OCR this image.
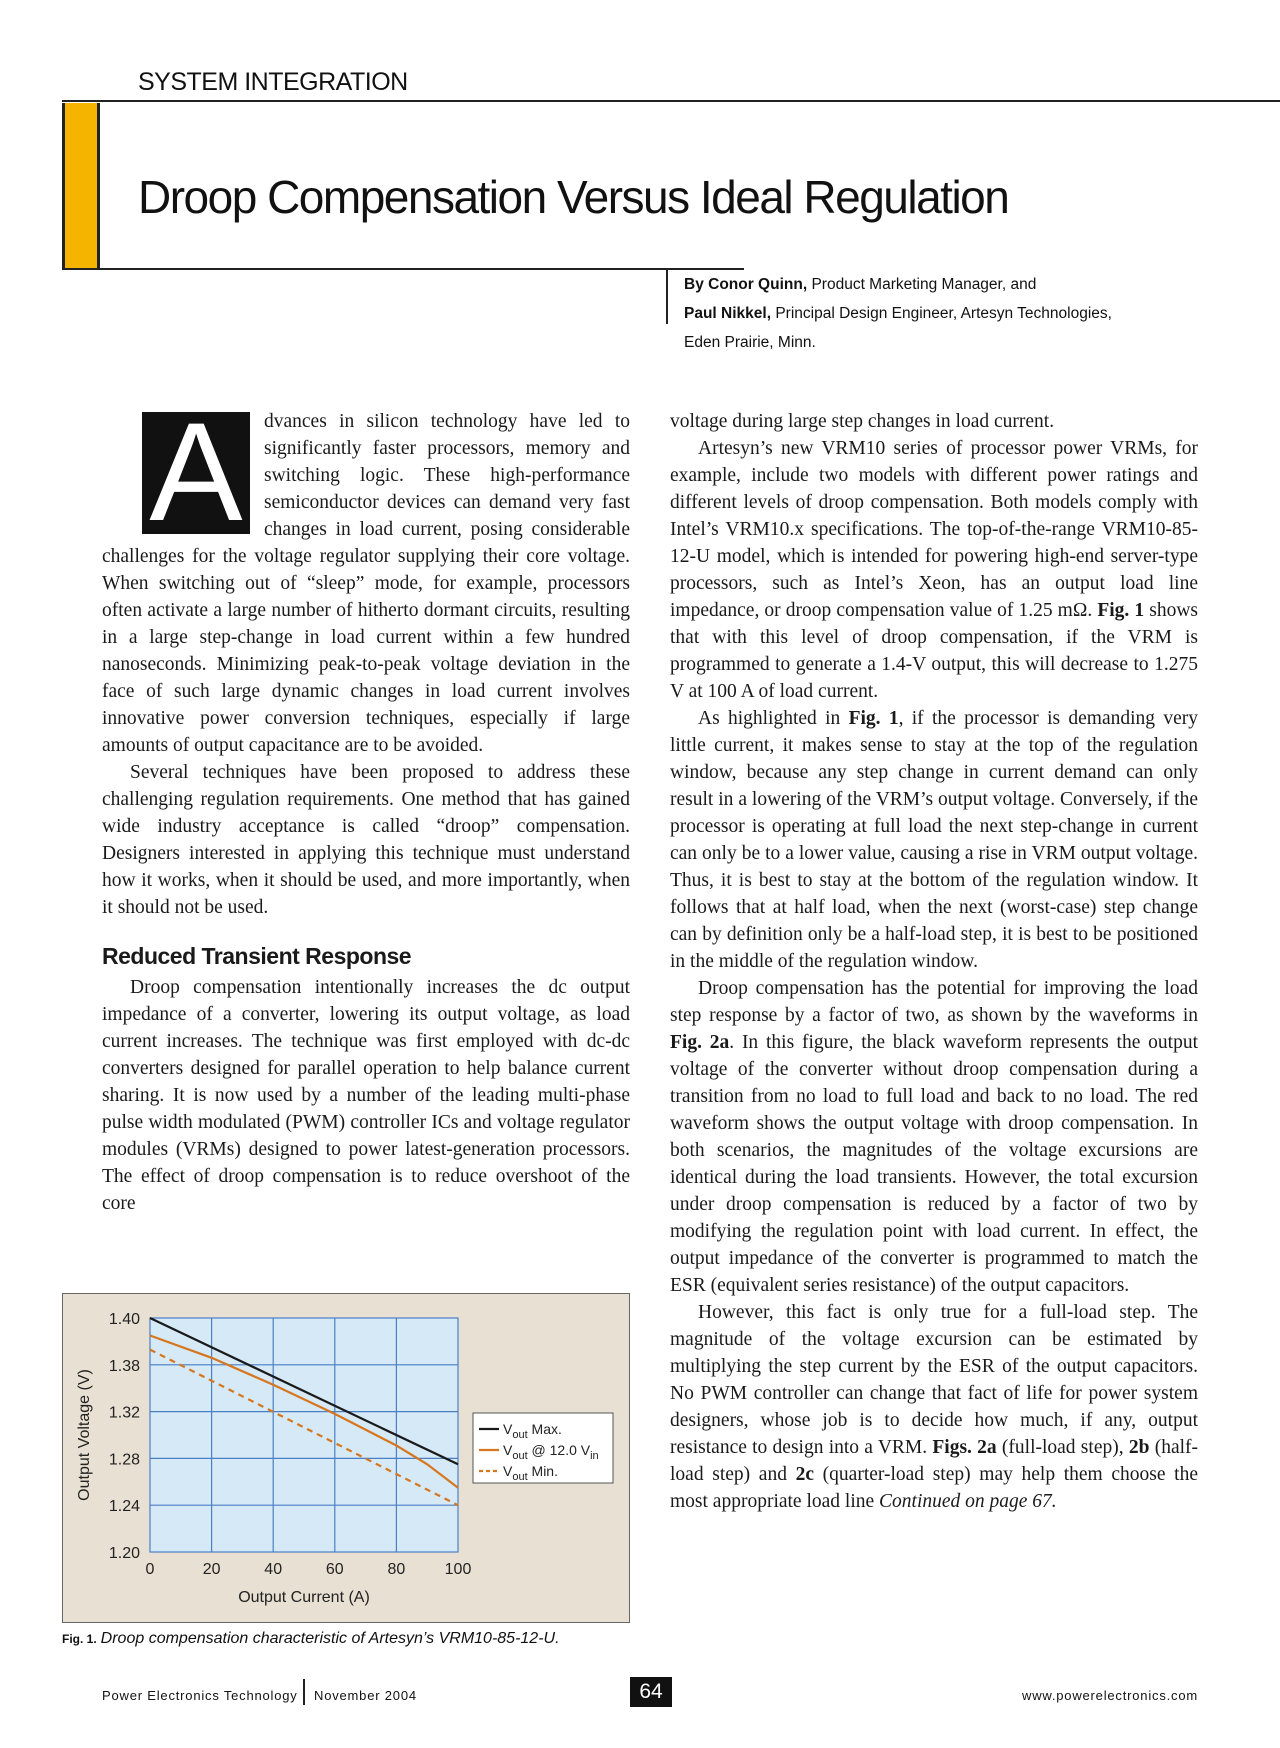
SYSTEM INTEGRATION
Droop Compensation Versus Ideal Regulation
By Conor Quinn, Product Marketing Manager, and
Paul Nikkel, Principal Design Engineer, Artesyn Technologies,
Eden Prairie, Minn.

A	dvances in silicon technology have led to significantly faster processors, memory and switching logic. These high-performance semiconductor devices can demand very fast changes in load current, posing considerable challenges for the voltage regulator supplying their core voltage. When switching out of “sleep” mode, for example, processors often activate a large number of hitherto dormant circuits, resulting in a large step-change in load current within a few hundred nanoseconds. Minimizing peak-to-peak voltage deviation in the face of such large dynamic changes in load current involves innovative power conversion techniques, especially if large amounts of output capacitance are to be avoided.

Several techniques have been proposed to address these challenging regulation requirements. One method that has gained wide industry acceptance is called “droop” compensation. Designers interested in applying this technique must understand how it works, when it should be used, and more importantly, when it should not be used.

Reduced Transient Response

Droop compensation intentionally increases the dc output impedance of a converter, lowering its output voltage, as load current increases. The technique was first employed with dc-dc converters designed for parallel operation to help balance current sharing. It is now used by a number of the leading multi-phase pulse width modulated (PWM) controller ICs and voltage regulator modules (VRMs) designed to power latest-generation processors. The effect of droop compensation is to reduce overshoot of the core

voltage during large step changes in load current.

Artesyn’s new VRM10 series of processor power VRMs, for example, include two models with different power ratings and different levels of droop compensation. Both models comply with Intel’s VRM10.x specifications. The top-of-the-range VRM10-85-12-U model, which is intended for powering high-end server-type processors, such as Intel’s Xeon, has an output load line impedance, or droop compensation value of 1.25 mΩ. Fig. 1 shows that with this level of droop compensation, if the VRM is programmed to generate a 1.4-V output, this will decrease to 1.275 V at 100 A of load current.

As highlighted in Fig. 1, if the processor is demanding very little current, it makes sense to stay at the top of the regulation window, because any step change in current demand can only result in a lowering of the VRM’s output voltage. Conversely, if the processor is operating at full load the next step-change in current can only be to a lower value, causing a rise in VRM output voltage. Thus, it is best to stay at the bottom of the regulation window. It follows that at half load, when the next (worst-case) step change can by definition only be a half-load step, it is best to be positioned in the middle of the regulation window.

Droop compensation has the potential for improving the load step response by a factor of two, as shown by the waveforms in Fig. 2a. In this figure, the black waveform represents the output voltage of the converter without droop compensation during a transition from no load to full load and back to no load. The red waveform shows the output voltage with droop compensation. In both scenarios, the magnitudes of the voltage excursions are identical during the load transients. However, the total excursion under droop compensation is reduced by a factor of two by modifying the regulation point with load current. In effect, the output impedance of the converter is programmed to match the ESR (equivalent series resistance) of the output capacitors.

However, this fact is only true for a full-load step. The magnitude of the voltage excursion can be estimated by multiplying the step current by the ESR of the output capacitors. No PWM controller can change that fact of life for power system designers, whose job is to decide how much, if any, output resistance to design into a VRM. Figs. 2a (full-load step), 2b (half-load step) and 2c (quarter-load step) may help them choose the most appropriate load line Continued on page 67.

1.40
1.38
1.32
1.28
1.24
1.20
0	20	40	60	80 100
Output Current (A)
Output Voltage (V)	$V_{out}$ Max.
$V_{out}$ @ 12.0 $V_{in}$
$V_{out}$ Min.
Fig. 1. Droop compensation characteristic of Artesyn’s VRM10-85-12-U.
Power Electronics Technology November 2004	64	www.powerelectronics.com
